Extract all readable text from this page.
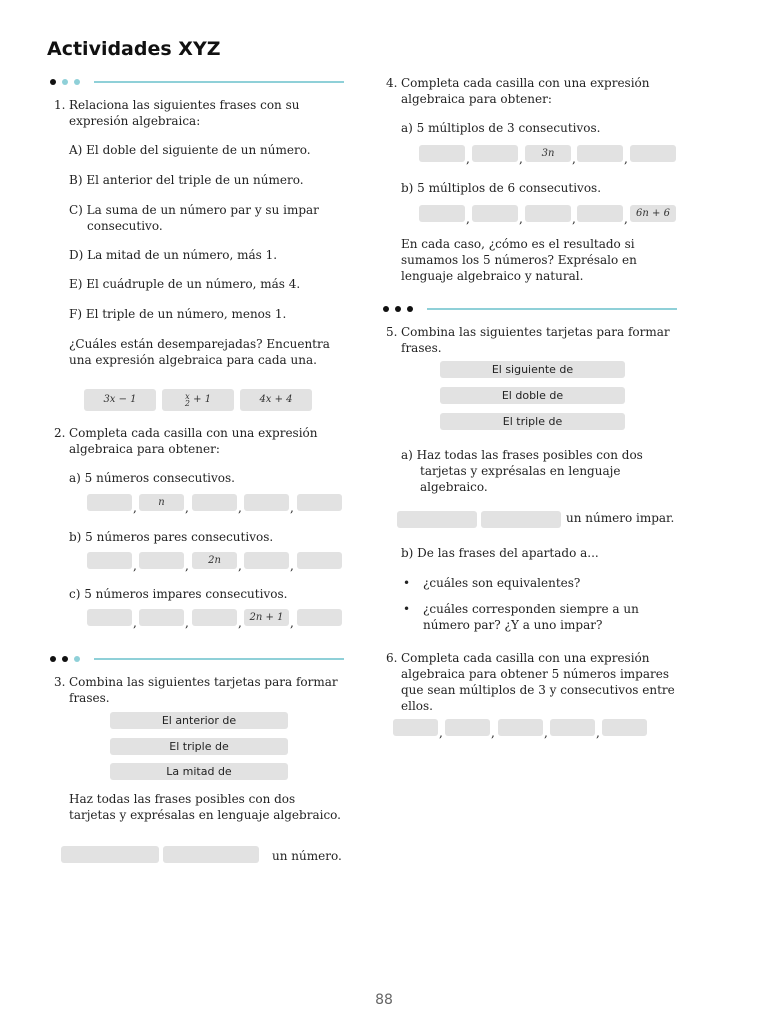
Actividades XYZ
1. Relaciona las siguientes frases con su
expresión algebraica:
A) El doble del siguiente de un número.
B) El anterior del triple de un número.
C) La suma de un número par y su impar
consecutivo.
D) La mitad de un número, más 1.
E) El cuádruple de un número, más 4.
F) El triple de un número, menos 1.
¿Cuáles están desemparejadas? Encuentra
una expresión algebraica para cada una.
3x − 1	x
2 + 1	4x + 4
2. Completa cada casilla con una expresión
algebraica para obtener:
a) 5 números consecutivos.
,	n	,	,	,
b) 5 números pares consecutivos.
,	,	2n	,	,
c) 5 números impares consecutivos.
,	,	, 2n + 1 ,
3. Combina las siguientes tarjetas para formar
frases.
El anterior de
El triple de
La mitad de
Haz todas las frases posibles con dos
tarjetas y exprésalas en lenguaje algebraico.
un número.
4. Completa cada casilla con una expresión
algebraica para obtener:
a) 5 múltiplos de 3 consecutivos.
,	,	3n	,	,
b) 5 múltiplos de 6 consecutivos.
,	,	,	, 6n + 6
En cada caso, ¿cómo es el resultado si
sumamos los 5 números? Exprésalo en
lenguaje algebraico y natural.
5. Combina las siguientes tarjetas para formar
frases.
El siguiente de
El doble de
El triple de
a) Haz todas las frases posibles con dos
tarjetas y exprésalas en lenguaje
algebraico.
un número impar.
b) De las frases del apartado a...
• ¿cuáles son equivalentes?
• ¿cuáles corresponden siempre a un
número par? ¿Y a uno impar?
6. Completa cada casilla con una expresión
algebraica para obtener 5 números impares
que sean múltiplos de 3 y consecutivos entre
ellos.
,	,	,	,
88
